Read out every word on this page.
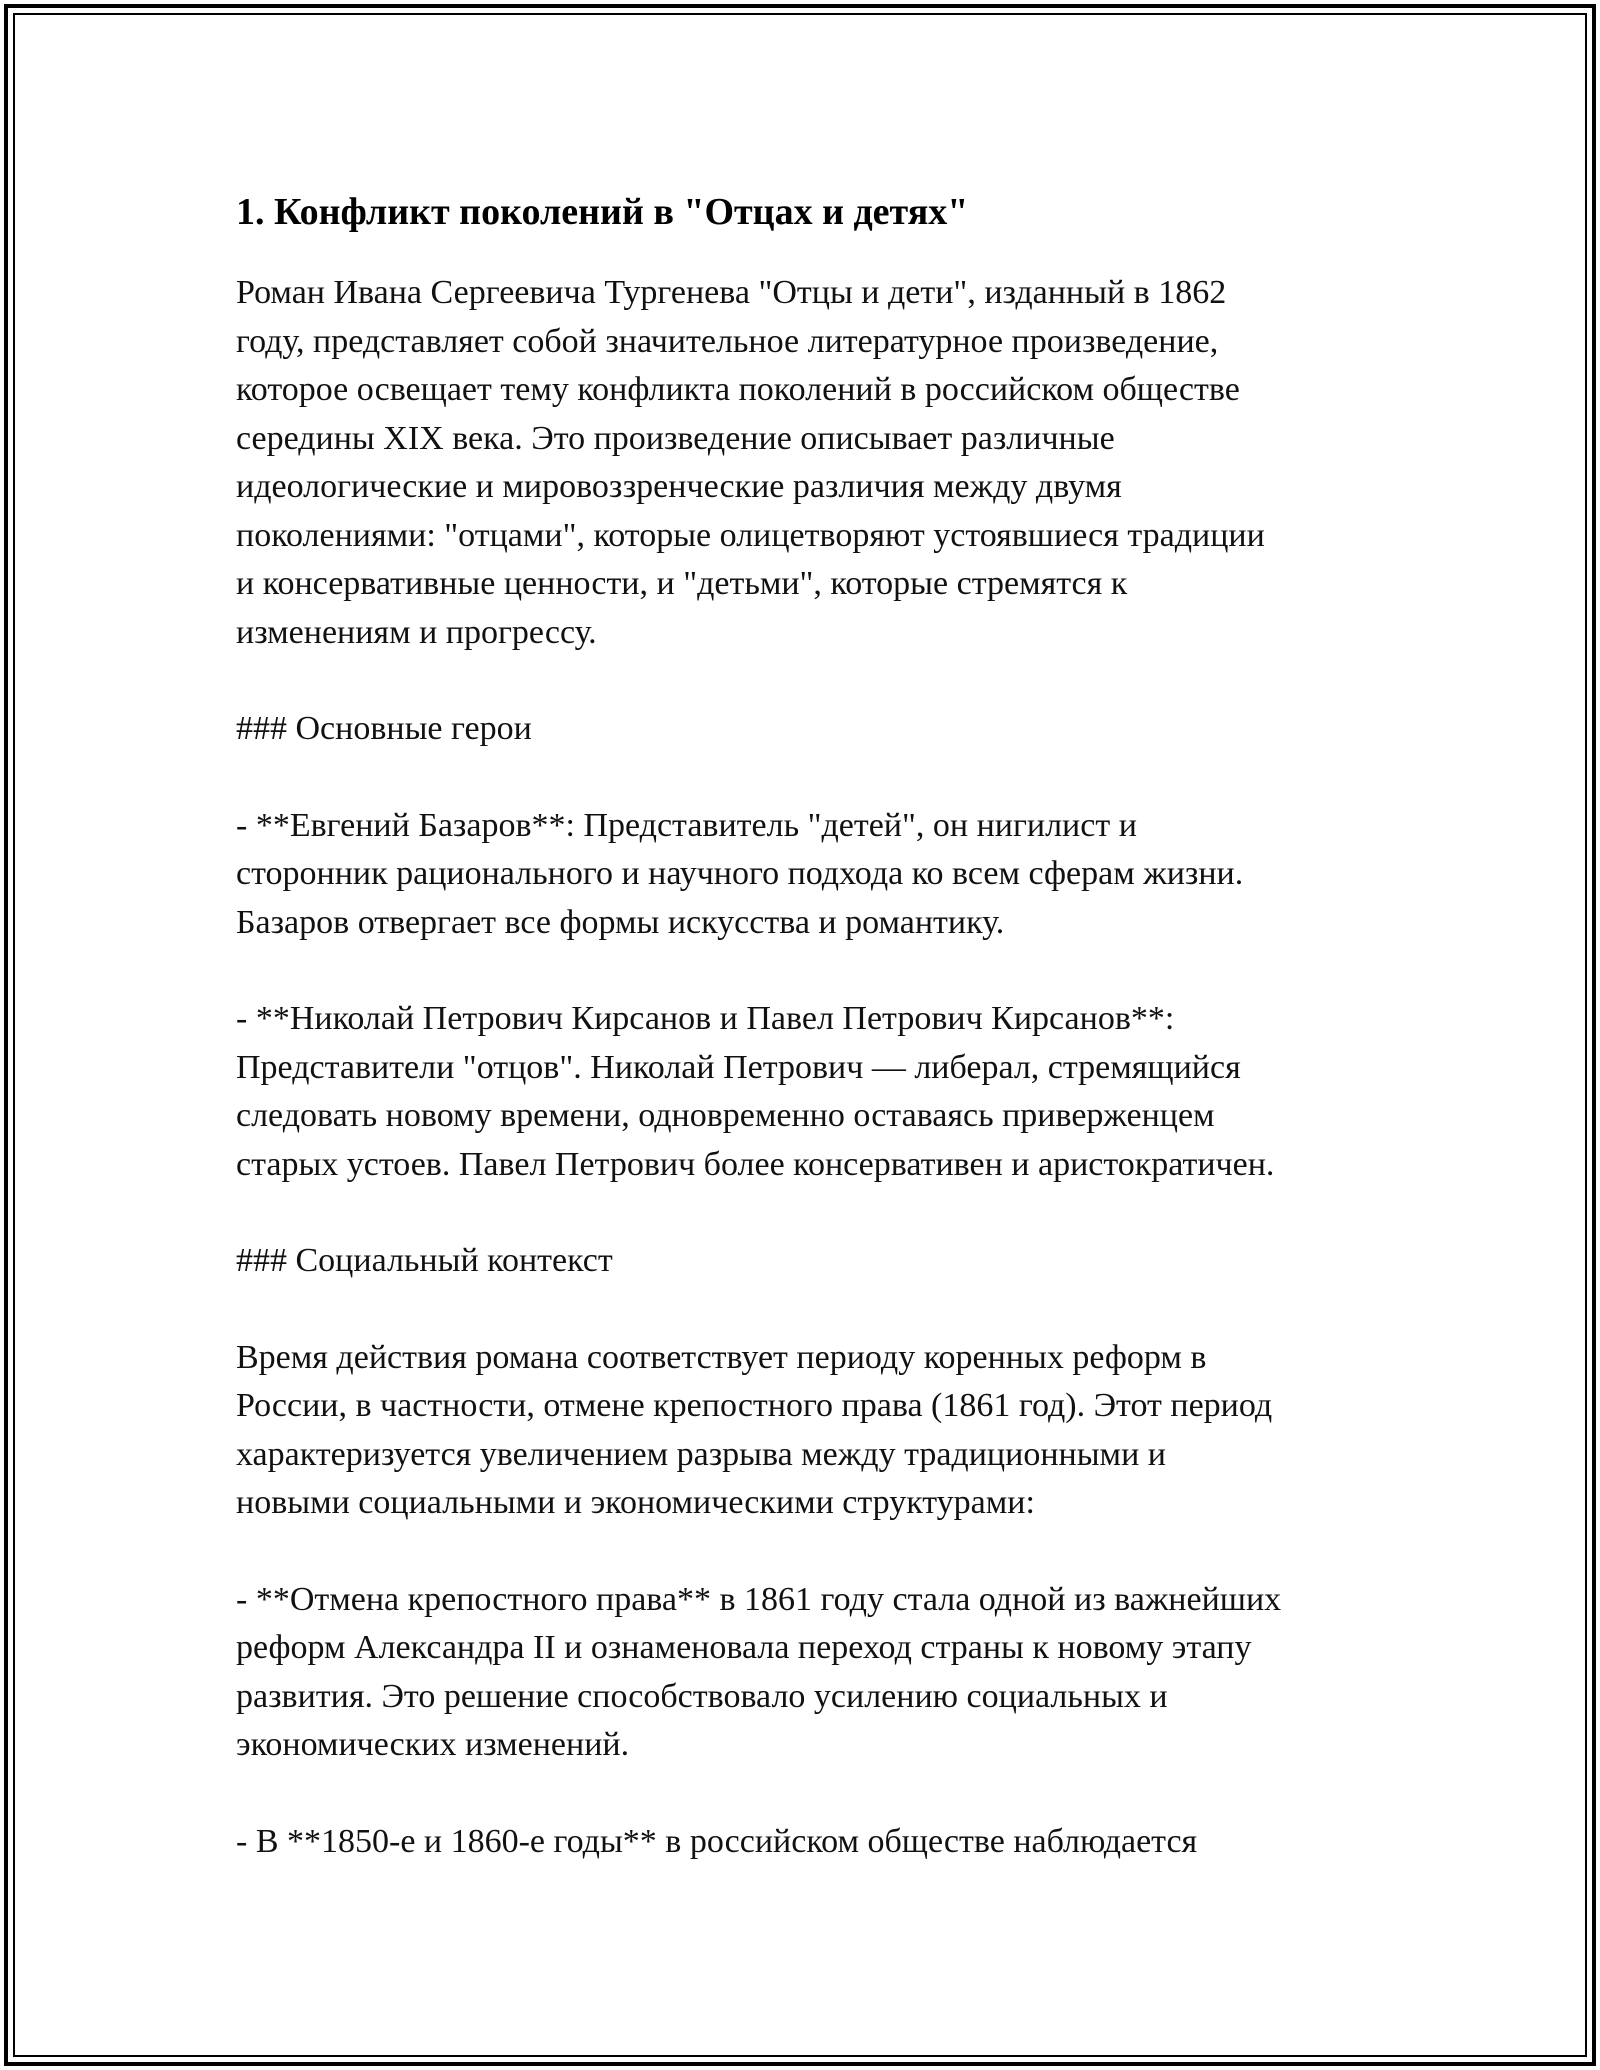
1. Конфликт поколений в "Отцах и детях"

Роман Ивана Сергеевича Тургенева "Отцы и дети", изданный в 1862
году, представляет собой значительное литературное произведение,
которое освещает тему конфликта поколений в российском обществе
середины XIX века. Это произведение описывает различные
идеологические и мировоззренческие различия между двумя
поколениями: "отцами", которые олицетворяют устоявшиеся традиции
и консервативные ценности, и "детьми", которые стремятся к
изменениям и прогрессу.

### Основные герои

- **Евгений Базаров**: Представитель "детей", он нигилист и
сторонник рационального и научного подхода ко всем сферам жизни.
Базаров отвергает все формы искусства и романтику.

- **Николай Петрович Кирсанов и Павел Петрович Кирсанов**:
Представители "отцов". Николай Петрович — либерал, стремящийся
следовать новому времени, одновременно оставаясь приверженцем
старых устоев. Павел Петрович более консервативен и аристократичен.

### Социальный контекст

Время действия романа соответствует периоду коренных реформ в
России, в частности, отмене крепостного права (1861 год). Этот период
характеризуется увеличением разрыва между традиционными и
новыми социальными и экономическими структурами:

- **Отмена крепостного права** в 1861 году стала одной из важнейших
реформ Александра II и ознаменовала переход страны к новому этапу
развития. Это решение способствовало усилению социальных и
экономических изменений.

- В **1850-е и 1860-е годы** в российском обществе наблюдается
